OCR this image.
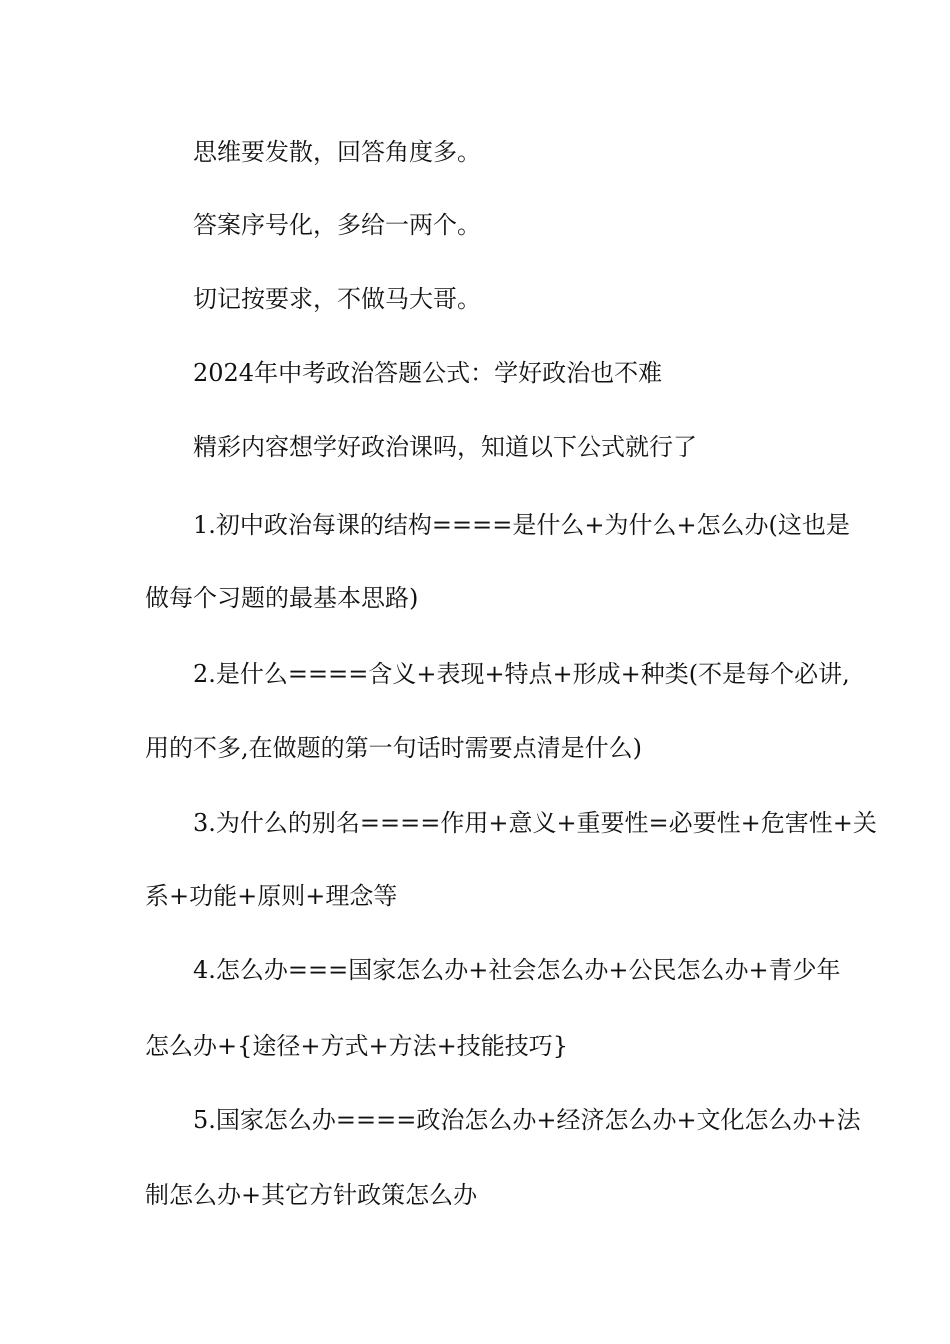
思维要发散，回答角度多。
答案序号化，多给一两个。
切记按要求，不做马大哥。
2024年中考政治答题公式：学好政治也不难
精彩内容想学好政治课吗，知道以下公式就行了
1.初中政治每课的结构====是什么+为什么+怎么办(这也是
做每个习题的最基本思路)
2.是什么====含义+表现+特点+形成+种类(不是每个必讲,
用的不多,在做题的第一句话时需要点清是什么)
3.为什么的别名====作用+意义+重要性=必要性+危害性+关
系+功能+原则+理念等
4.怎么办===国家怎么办+社会怎么办+公民怎么办+青少年
怎么办+{途径+方式+方法+技能技巧}
5.国家怎么办====政治怎么办+经济怎么办+文化怎么办+法
制怎么办+其它方针政策怎么办
